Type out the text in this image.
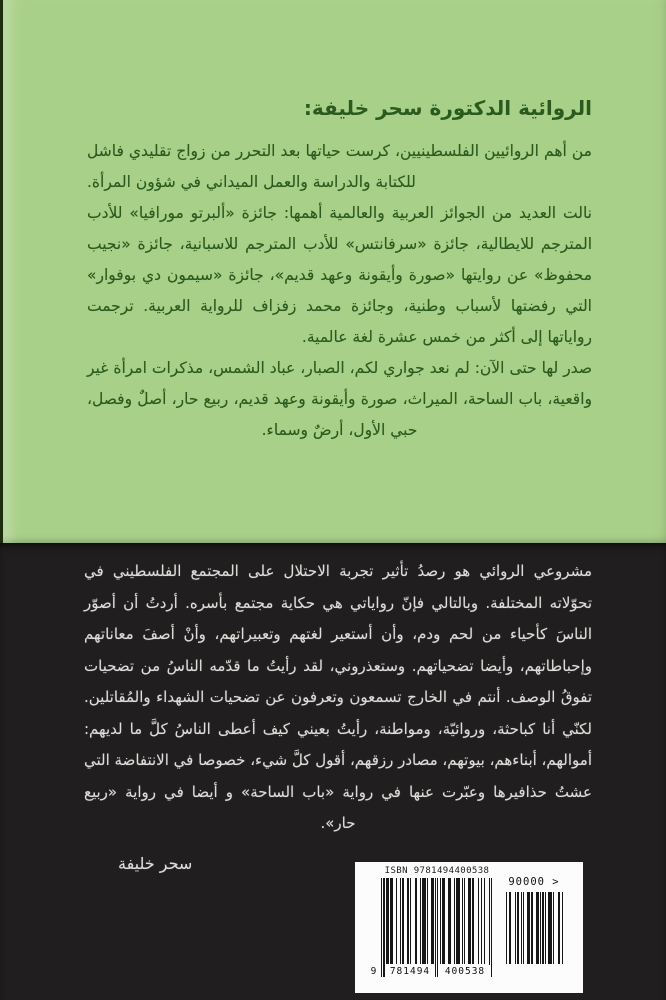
الروائية الدكتورة سحر خليفة:

من أهم الروائيين الفلسطينيين، كرست حياتها بعد التحرر من زواج تقليدي فاشل للكتابة والدراسة والعمل الميداني في شؤون المرأة.

نالت العديد من الجوائز العربية والعالمية أهمها: جائزة «ألبرتو مورافيا» للأدب المترجم للايطالية، جائزة «سرفانتس» للأدب المترجم للاسبانية، جائزة «نجيب محفوظ» عن روايتها «صورة وأيقونة وعهد قديم»، جائزة «سيمون دي بوفوار» التي رفضتها لأسباب وطنية، وجائزة محمد زفزاف للرواية العربية. ترجمت رواياتها إلى أكثر من خمس عشرة لغة عالمية.

صدر لها حتى الآن: لم نعد جواري لكم، الصبار، عباد الشمس، مذكرات امرأة غير واقعية، باب الساحة، الميراث، صورة وأيقونة وعهد قديم، ربيع حار، أصلٌ وفصل، حبي الأول، أرضٌ وسماء.

مشروعي الروائي هو رصدُ تأثير تجربة الاحتلال على المجتمع الفلسطيني في تحوّلاته المختلفة. وبالتالي فإنّ رواياتي هي حكاية مجتمع بأسره. أردتُ أن أصوّر الناسَ كأحياء من لحم ودم، وأن أستعير لغتهم وتعبيراتهم، وأنْ أصفَ معاناتهم وإحباطاتهم، وأيضا تضحياتهم. وستعذروني، لقد رأيتُ ما قدّمه الناسُ من تضحيات تفوقُ الوصف. أنتم في الخارج تسمعون وتعرفون عن تضحيات الشهداء والمُقاتلين. لكنّي أنا كباحثة، وروائيّة، ومواطنة، رأيتُ بعيني كيف أعطى الناسُ كلَّ ما لديهم: أموالهم، أبناءهم، بيوتهم، مصادر رزقهم، أقول كلَّ شيء، خصوصا في الانتفاضة التي عشتُ حذافيرها وعبّرت عنها في رواية «باب الساحة» و أيضا في رواية «ربيع حار».

سحر خليفة	ISBN 9781494400538
9	781494	400538
90000 >
